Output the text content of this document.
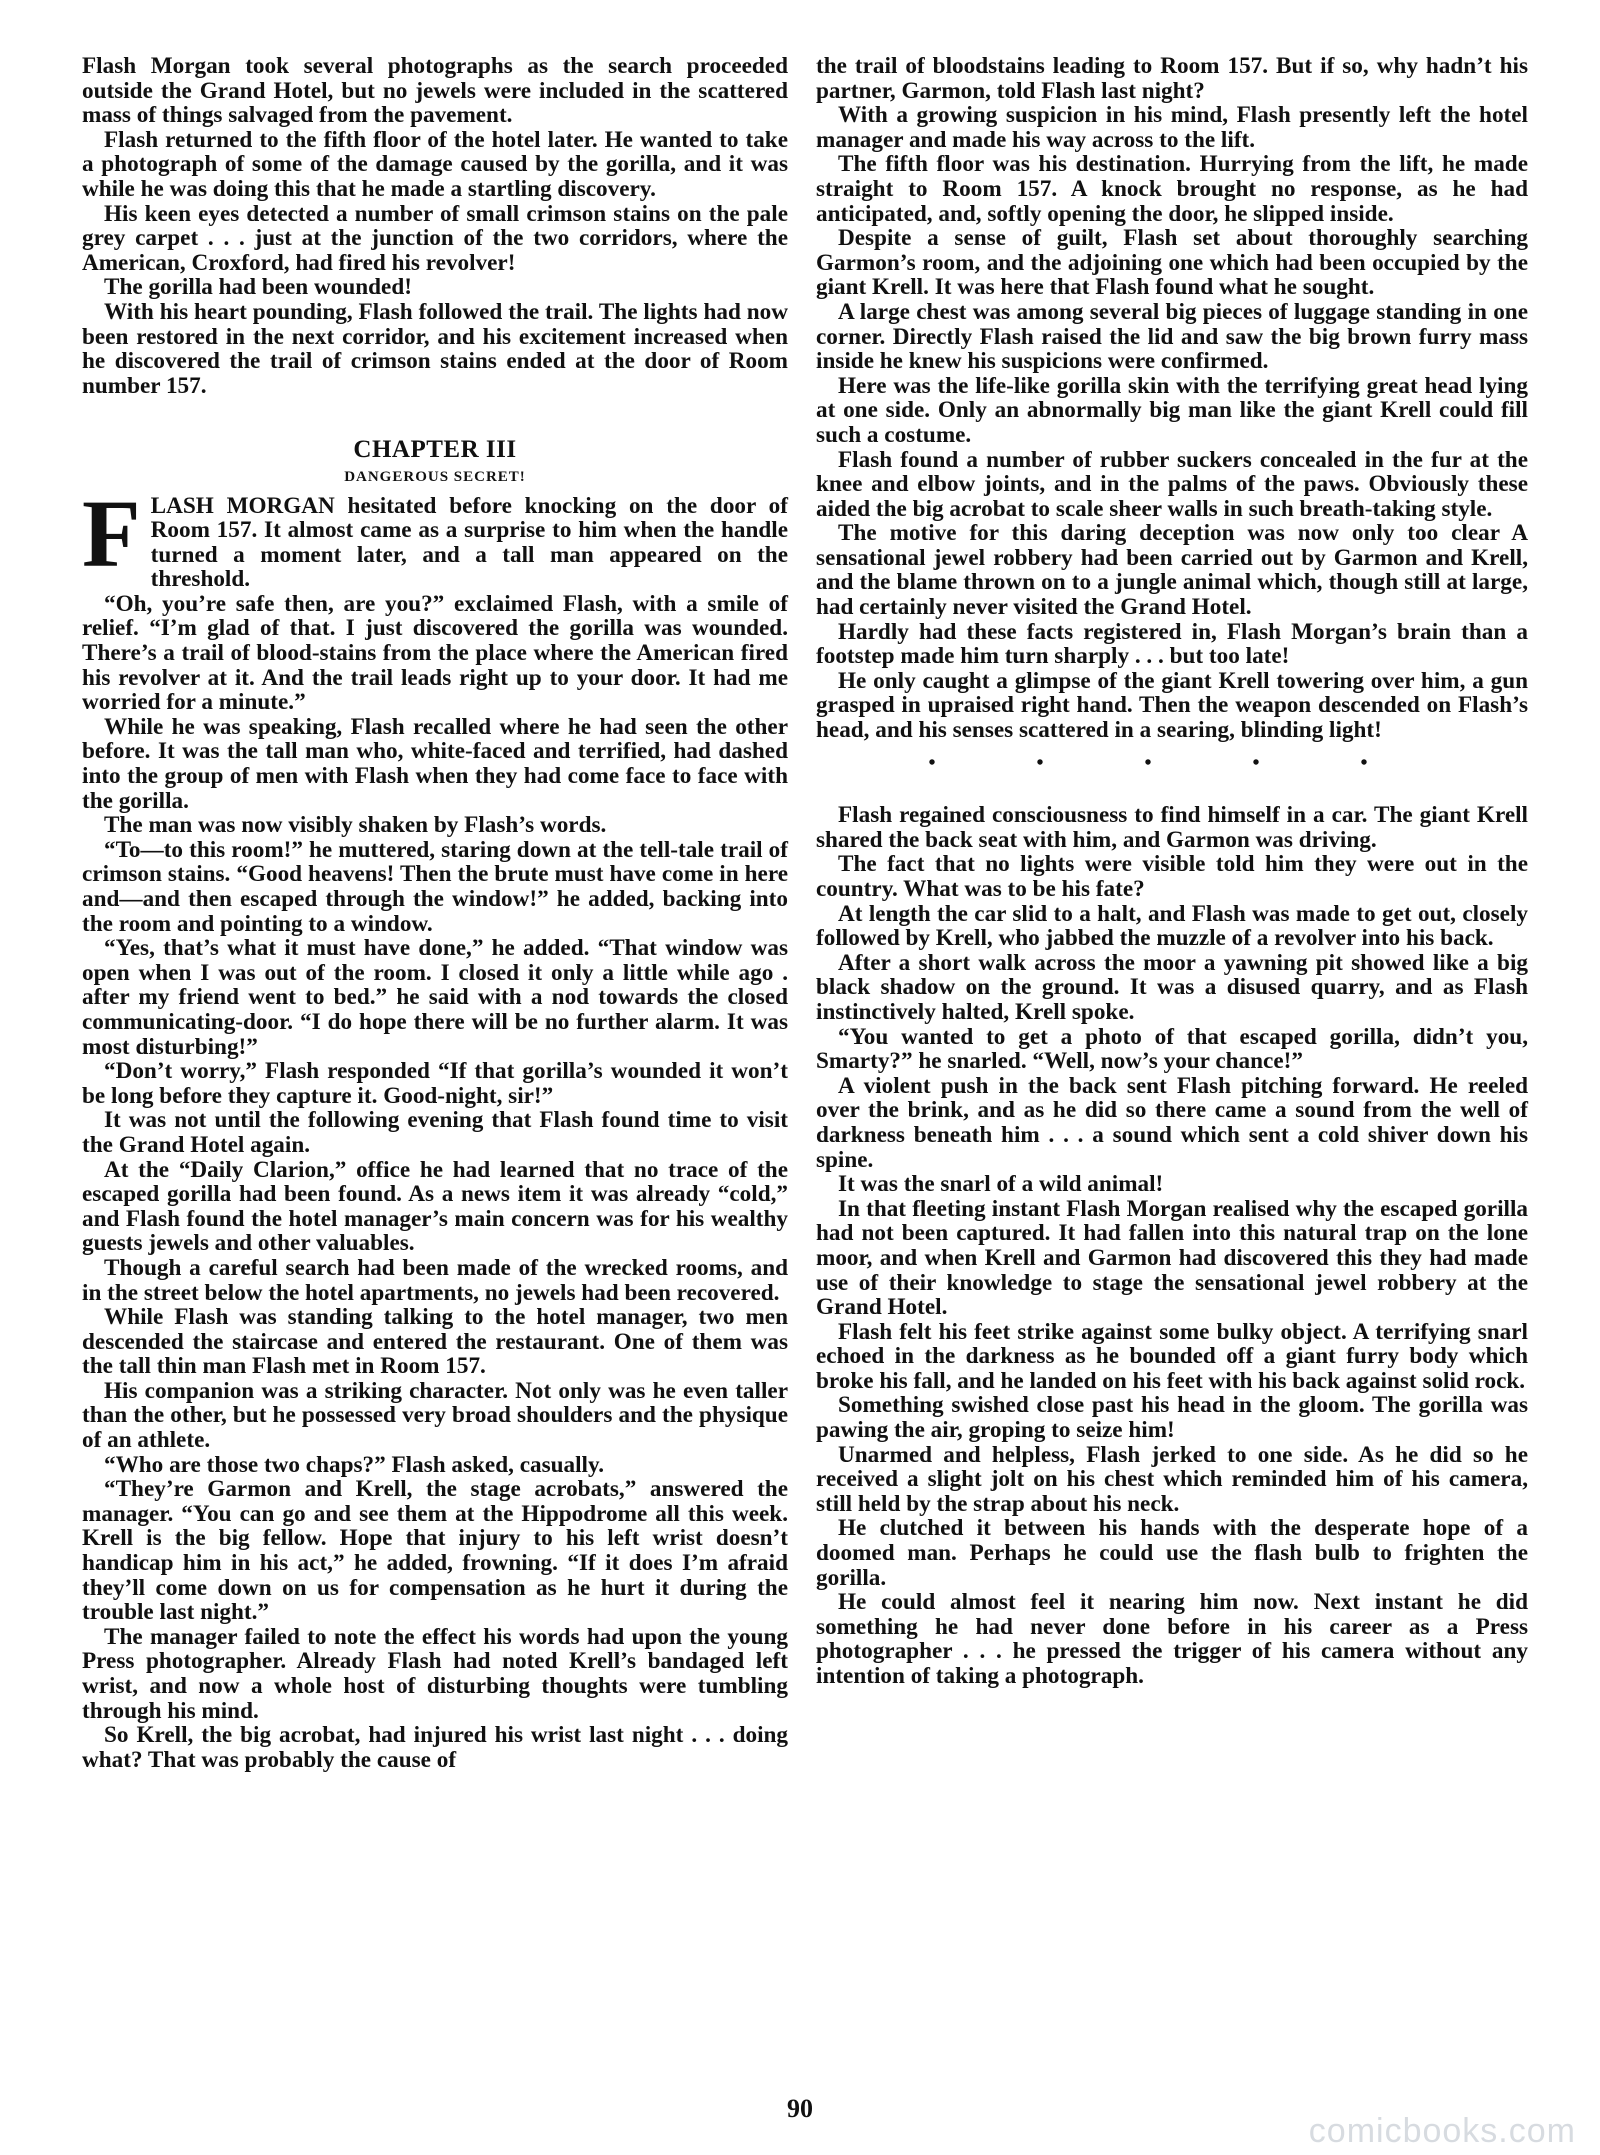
Flash Morgan took several photographs as the search proceeded outside the Grand Hotel, but no jewels were included in the scattered mass of things salvaged from the pavement.

Flash returned to the fifth floor of the hotel later. He wanted to take a photograph of some of the damage caused by the gorilla, and it was while he was doing this that he made a startling discovery.

His keen eyes detected a number of small crimson stains on the pale grey carpet . . . just at the junction of the two corridors, where the American, Croxford, had fired his revolver!

The gorilla had been wounded!

With his heart pounding, Flash followed the trail. The lights had now been restored in the next corridor, and his excitement increased when he discovered the trail of crimson stains ended at the door of Room number 157.

CHAPTER III
DANGEROUS SECRET!

FLASH MORGAN hesitated before knocking on the door of Room 157. It almost came as a surprise to him when the handle turned a moment later, and a tall man appeared on the threshold.

“Oh, you’re safe then, are you?” exclaimed Flash, with a smile of relief. “I’m glad of that. I just discovered the gorilla was wounded. There’s a trail of blood-stains from the place where the American fired his revolver at it. And the trail leads right up to your door. It had me worried for a minute.”

While he was speaking, Flash recalled where he had seen the other before. It was the tall man who, white-faced and terrified, had dashed into the group of men with Flash when they had come face to face with the gorilla.

The man was now visibly shaken by Flash’s words.

“To—to this room!” he muttered, staring down at the tell-tale trail of crimson stains. “Good heavens! Then the brute must have come in here and—and then escaped through the window!” he added, backing into the room and pointing to a window.

“Yes, that’s what it must have done,” he added. “That window was open when I was out of the room. I closed it only a little while ago . after my friend went to bed.” he said with a nod towards the closed communicating-door. “I do hope there will be no further alarm. It was most disturbing!”

“Don’t worry,” Flash responded “If that gorilla’s wounded it won’t be long before they capture it. Good-night, sir!”

It was not until the following evening that Flash found time to visit the Grand Hotel again.

At the “Daily Clarion,” office he had learned that no trace of the escaped gorilla had been found. As a news item it was already “cold,” and Flash found the hotel manager’s main concern was for his wealthy guests jewels and other valuables.

Though a careful search had been made of the wrecked rooms, and in the street below the hotel apartments, no jewels had been recovered.

While Flash was standing talking to the hotel manager, two men descended the staircase and entered the restaurant. One of them was the tall thin man Flash met in Room 157.

His companion was a striking character. Not only was he even taller than the other, but he possessed very broad shoulders and the physique of an athlete.

“Who are those two chaps?” Flash asked, casually.

“They’re Garmon and Krell, the stage acrobats,” answered the manager. “You can go and see them at the Hippodrome all this week. Krell is the big fellow. Hope that injury to his left wrist doesn’t handicap him in his act,” he added, frowning. “If it does I’m afraid they’ll come down on us for compensation as he hurt it during the trouble last night.”

The manager failed to note the effect his words had upon the young Press photographer. Already Flash had noted Krell’s bandaged left wrist, and now a whole host of disturbing thoughts were tumbling through his mind.

So Krell, the big acrobat, had injured his wrist last night . . . doing what? That was probably the cause of

the trail of bloodstains leading to Room 157. But if so, why hadn’t his partner, Garmon, told Flash last night?

With a growing suspicion in his mind, Flash presently left the hotel manager and made his way across to the lift.

The fifth floor was his destination. Hurrying from the lift, he made straight to Room 157. A knock brought no response, as he had anticipated, and, softly opening the door, he slipped inside.

Despite a sense of guilt, Flash set about thoroughly searching Garmon’s room, and the adjoining one which had been occupied by the giant Krell. It was here that Flash found what he sought.

A large chest was among several big pieces of luggage standing in one corner. Directly Flash raised the lid and saw the big brown furry mass inside he knew his suspicions were confirmed.

Here was the life-like gorilla skin with the terrifying great head lying at one side. Only an abnormally big man like the giant Krell could fill such a costume.

Flash found a number of rubber suckers concealed in the fur at the knee and elbow joints, and in the palms of the paws. Obviously these aided the big acrobat to scale sheer walls in such breath-taking style.

The motive for this daring deception was now only too clear A sensational jewel robbery had been carried out by Garmon and Krell, and the blame thrown on to a jungle animal which, though still at large, had certainly never visited the Grand Hotel.

Hardly had these facts registered in, Flash Morgan’s brain than a footstep made him turn sharply . . . but too late!

He only caught a glimpse of the giant Krell towering over him, a gun grasped in upraised right hand. Then the weapon descended on Flash’s head, and his senses scattered in a searing, blinding light!

• • • • •

Flash regained consciousness to find himself in a car. The giant Krell shared the back seat with him, and Garmon was driving.

The fact that no lights were visible told him they were out in the country. What was to be his fate?

At length the car slid to a halt, and Flash was made to get out, closely followed by Krell, who jabbed the muzzle of a revolver into his back.

After a short walk across the moor a yawning pit showed like a big black shadow on the ground. It was a disused quarry, and as Flash instinctively halted, Krell spoke.

“You wanted to get a photo of that escaped gorilla, didn’t you, Smarty?” he snarled. “Well, now’s your chance!”

A violent push in the back sent Flash pitching forward. He reeled over the brink, and as he did so there came a sound from the well of darkness beneath him . . . a sound which sent a cold shiver down his spine.

It was the snarl of a wild animal!

In that fleeting instant Flash Morgan realised why the escaped gorilla had not been captured. It had fallen into this natural trap on the lone moor, and when Krell and Garmon had discovered this they had made use of their knowledge to stage the sensational jewel robbery at the Grand Hotel.

Flash felt his feet strike against some bulky object. A terrifying snarl echoed in the darkness as he bounded off a giant furry body which broke his fall, and he landed on his feet with his back against solid rock.

Something swished close past his head in the gloom. The gorilla was pawing the air, groping to seize him!

Unarmed and helpless, Flash jerked to one side. As he did so he received a slight jolt on his chest which reminded him of his camera, still held by the strap about his neck.

He clutched it between his hands with the desperate hope of a doomed man. Perhaps he could use the flash bulb to frighten the gorilla.

He could almost feel it nearing him now. Next instant he did something he had never done before in his career as a Press photographer . . . he pressed the trigger of his camera without any intention of taking a photograph.

90
comicbooks.com
